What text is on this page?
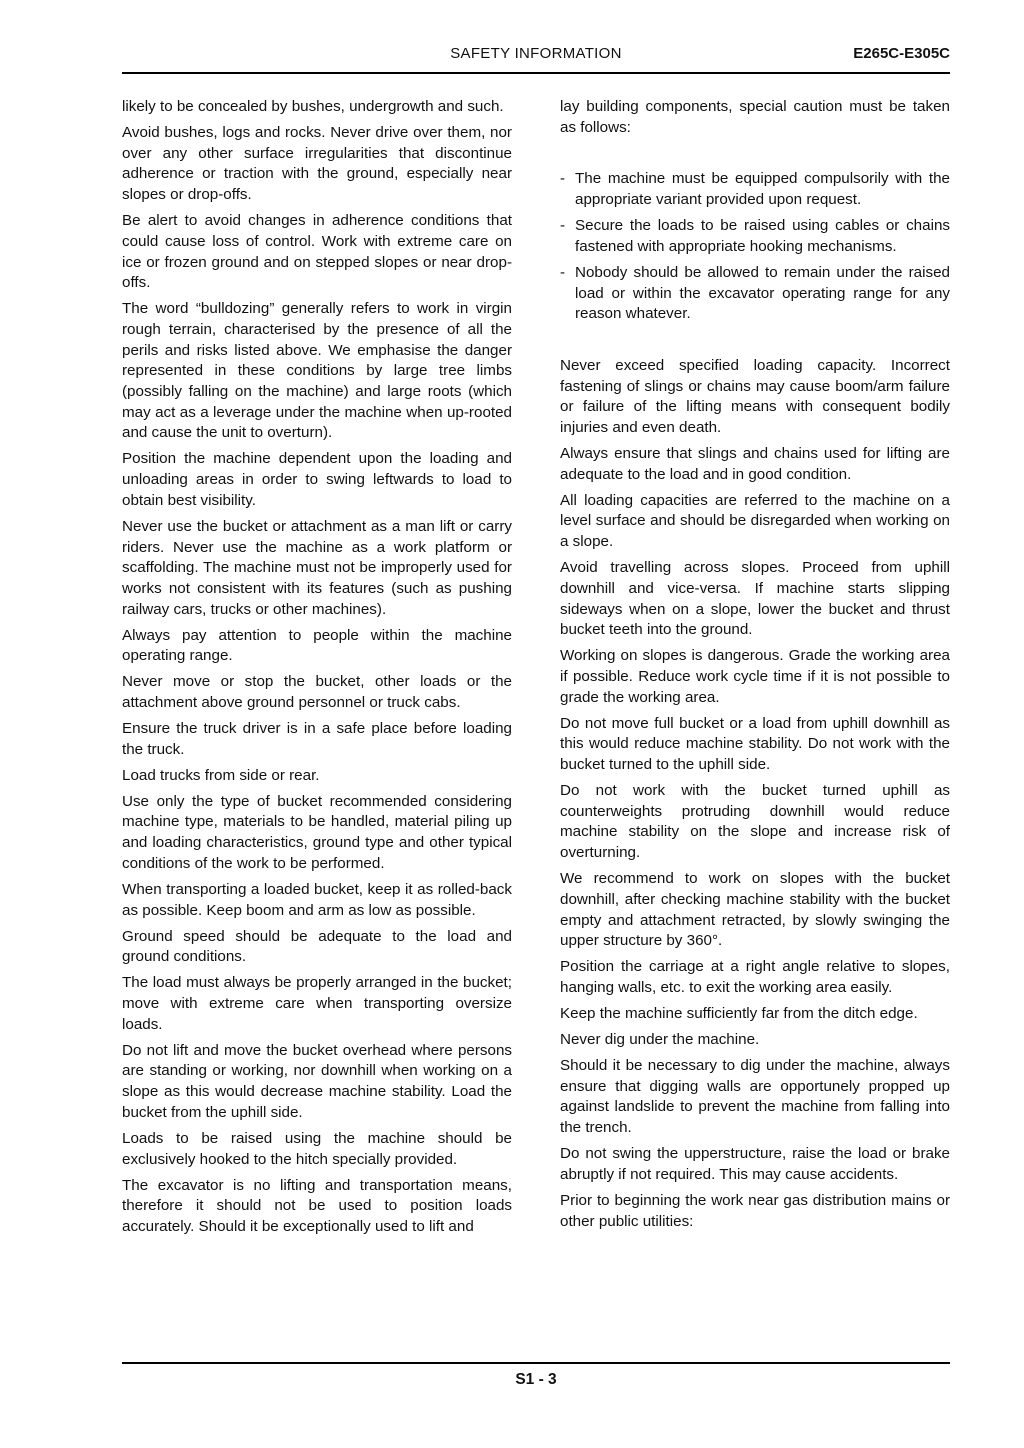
SAFETY INFORMATION	E265C-E305C

likely to be concealed by bushes, undergrowth and such.

Avoid bushes, logs and rocks. Never drive over them, nor over any other surface irregularities that discontinue adherence or traction with the ground, especially near slopes or drop-offs.

Be alert to avoid changes in adherence conditions that could cause loss of control. Work with extreme care on ice or frozen ground and on stepped slopes or near drop-offs.

The word “bulldozing” generally refers to work in virgin rough terrain, characterised by the presence of all the perils and risks listed above. We emphasise the danger represented in these conditions by large tree limbs (possibly falling on the machine) and large roots (which may act as a leverage under the machine when up-rooted and cause the unit to overturn).

Position the machine dependent upon the loading and unloading areas in order to swing leftwards to load to obtain best visibility.

Never use the bucket or attachment as a man lift or carry riders. Never use the machine as a work platform or scaffolding. The machine must not be improperly used for works not consistent with its features (such as pushing railway cars, trucks or other machines).

Always pay attention to people within the machine operating range.

Never move or stop the bucket, other loads or the attachment above ground personnel or truck cabs.

Ensure the truck driver is in a safe place before loading the truck.

Load trucks from side or rear.

Use only the type of bucket recommended considering machine type, materials to be handled, material piling up and loading characteristics, ground type and other typical conditions of the work to be performed.

When transporting a loaded bucket, keep it as rolled-back as possible. Keep boom and arm as low as possible.

Ground speed should be adequate to the load and ground conditions.

The load must always be properly arranged in the bucket; move with extreme care when transporting oversize loads.

Do not lift and move the bucket overhead where persons are standing or working, nor downhill when working on a slope as this would decrease machine stability. Load the bucket from the uphill side.

Loads to be raised using the machine should be exclusively hooked to the hitch specially provided.

The excavator is no lifting and transportation means, therefore it should not be used to position loads accurately. Should it be exceptionally used to lift and

lay building components, special caution must be taken as follows:

- The machine must be equipped compulsorily with the appropriate variant provided upon request.
- Secure the loads to be raised using cables or chains fastened with appropriate hooking mechanisms.
- Nobody should be allowed to remain under the raised load or within the excavator operating range for any reason whatever.

Never exceed specified loading capacity. Incorrect fastening of slings or chains may cause boom/arm failure or failure of the lifting means with consequent bodily injuries and even death.

Always ensure that slings and chains used for lifting are adequate to the load and in good condition.

All loading capacities are referred to the machine on a level surface and should be disregarded when working on a slope.

Avoid travelling across slopes. Proceed from uphill downhill and vice-versa. If machine starts slipping sideways when on a slope, lower the bucket and thrust bucket teeth into the ground.

Working on slopes is dangerous. Grade the working area if possible. Reduce work cycle time if it is not possible to grade the working area.

Do not move full bucket or a load from uphill downhill as this would reduce machine stability. Do not work with the bucket turned to the uphill side.

Do not work with the bucket turned uphill as counterweights protruding downhill would reduce machine stability on the slope and increase risk of overturning.

We recommend to work on slopes with the bucket downhill, after checking machine stability with the bucket empty and attachment retracted, by slowly swinging the upper structure by 360°.

Position the carriage at a right angle relative to slopes, hanging walls, etc. to exit the working area easily.

Keep the machine sufficiently far from the ditch edge.

Never dig under the machine.

Should it be necessary to dig under the machine, always ensure that digging walls are opportunely propped up against landslide to prevent the machine from falling into the trench.

Do not swing the upperstructure, raise the load or brake abruptly if not required. This may cause accidents.

Prior to beginning the work near gas distribution mains or other public utilities:

S1 - 3
